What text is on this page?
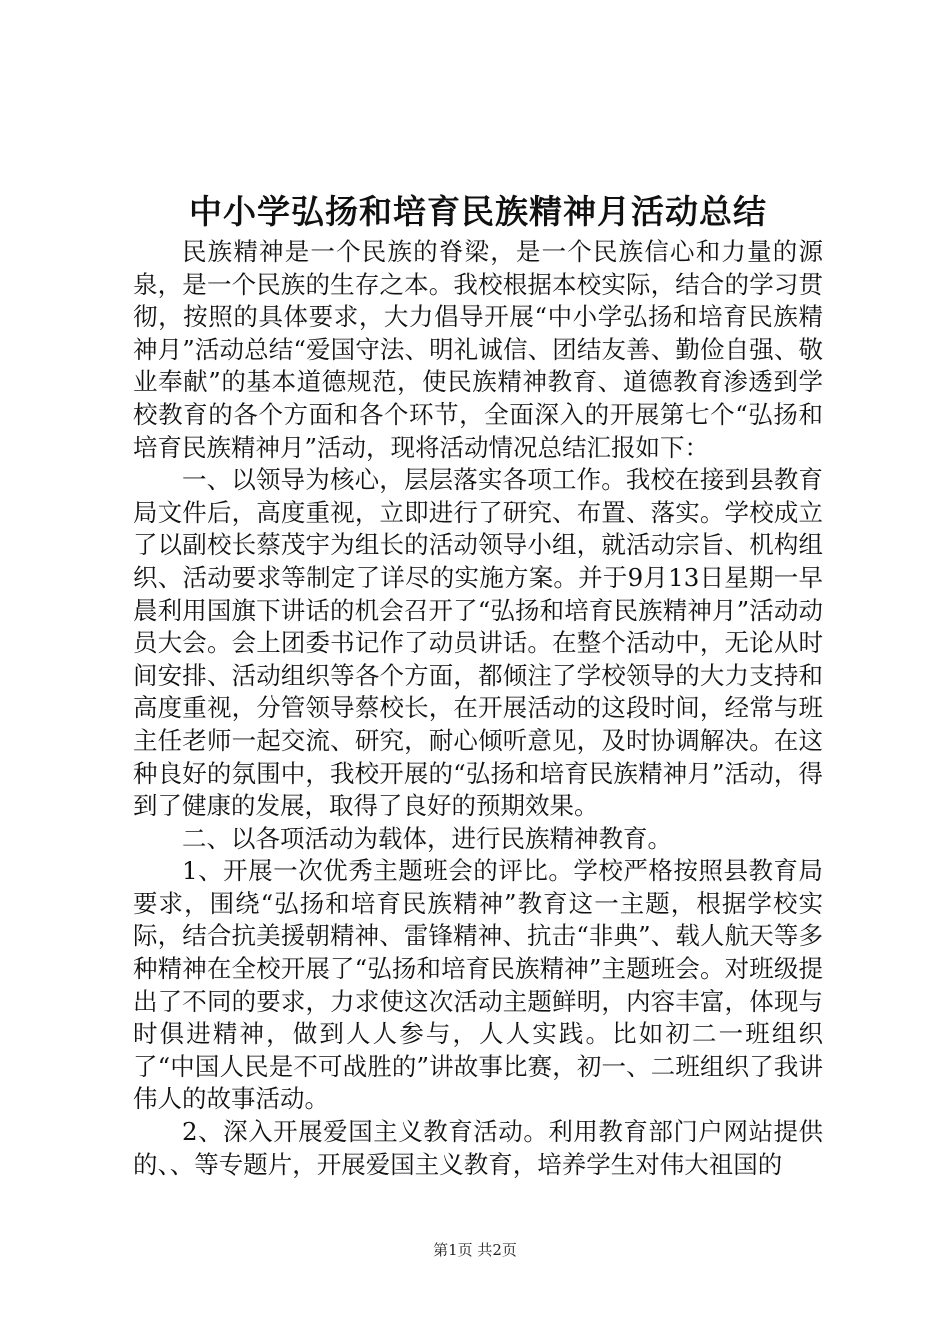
中小学弘扬和培育民族精神月活动总结

民族精神是一个民族的脊梁，是一个民族信心和力量的源泉，是一个民族的生存之本。我校根据本校实际，结合的学习贯彻，按照的具体要求，大力倡导开展“中小学弘扬和培育民族精神月”活动总结“爱国守法、明礼诚信、团结友善、勤俭自强、敬业奉献”的基本道德规范，使民族精神教育、道德教育渗透到学校教育的各个方面和各个环节，全面深入的开展第七个“弘扬和培育民族精神月”活动，现将活动情况总结汇报如下：

一、以领导为核心，层层落实各项工作。我校在接到县教育局文件后，高度重视，立即进行了研究、布置、落实。学校成立了以副校长蔡茂宇为组长的活动领导小组，就活动宗旨、机构组织、活动要求等制定了详尽的实施方案。并于9月13日星期一早晨利用国旗下讲话的机会召开了“弘扬和培育民族精神月”活动动员大会。会上团委书记作了动员讲话。在整个活动中，无论从时间安排、活动组织等各个方面，都倾注了学校领导的大力支持和高度重视，分管领导蔡校长，在开展活动的这段时间，经常与班主任老师一起交流、研究，耐心倾听意见，及时协调解决。在这种良好的氛围中，我校开展的“弘扬和培育民族精神月”活动，得到了健康的发展，取得了良好的预期效果。

二、以各项活动为载体，进行民族精神教育。

1、开展一次优秀主题班会的评比。学校严格按照县教育局要求，围绕“弘扬和培育民族精神”教育这一主题，根据学校实际，结合抗美援朝精神、雷锋精神、抗击“非典”、载人航天等多种精神在全校开展了“弘扬和培育民族精神”主题班会。对班级提出了不同的要求，力求使这次活动主题鲜明，内容丰富，体现与时俱进精神，做到人人参与，人人实践。比如初二一班组织了“中国人民是不可战胜的”讲故事比赛，初一、二班组织了我讲伟人的故事活动。

2、深入开展爱国主义教育活动。利用教育部门户网站提供的、、等专题片，开展爱国主义教育，培养学生对伟大祖国的

第1页 共2页
